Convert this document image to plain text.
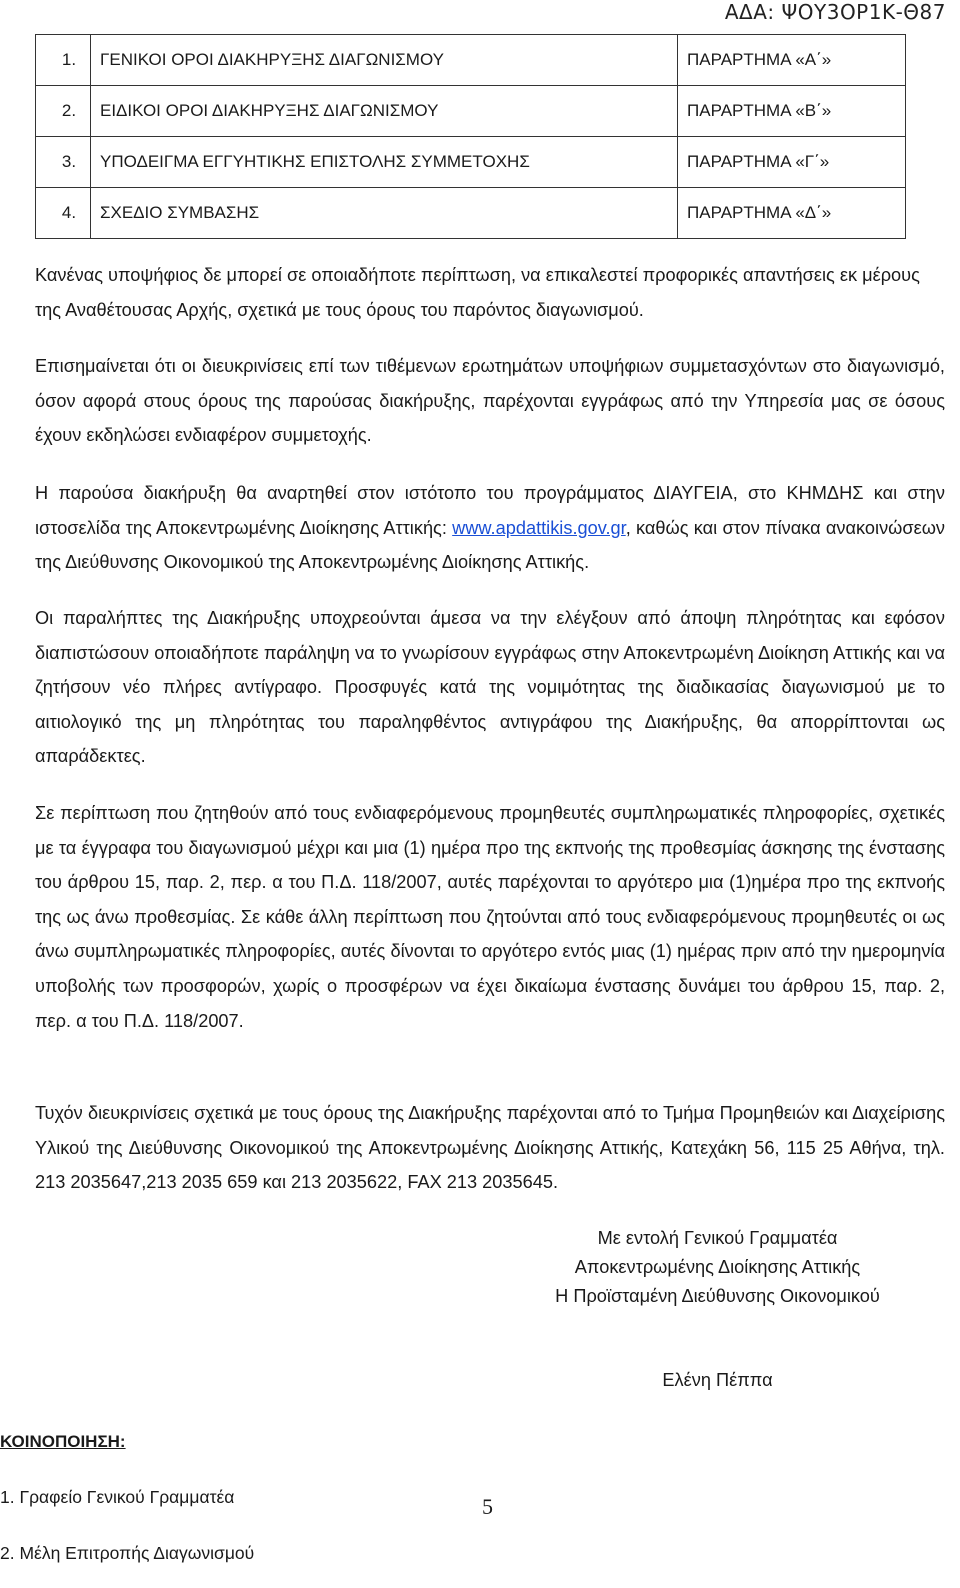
ΑΔΑ: ΨΟΥ3ΟΡ1Κ-Θ87
1.	ΓΕΝΙΚΟΙ ΟΡΟΙ ΔΙΑΚΗΡΥΞΗΣ ΔΙΑΓΩΝΙΣΜΟΥ	ΠΑΡΑΡΤΗΜΑ «Α΄»
2.	ΕΙΔΙΚΟΙ ΟΡΟΙ ΔΙΑΚΗΡΥΞΗΣ ΔΙΑΓΩΝΙΣΜΟΥ	ΠΑΡΑΡΤΗΜΑ «Β΄»
3.	ΥΠΟΔΕΙΓΜΑ ΕΓΓΥΗΤΙΚΗΣ ΕΠΙΣΤΟΛΗΣ ΣΥΜΜΕΤΟΧΗΣ	ΠΑΡΑΡΤΗΜΑ «Γ΄»
4.	ΣΧΕΔΙΟ ΣΥΜΒΑΣΗΣ	ΠΑΡΑΡΤΗΜΑ «Δ΄»

Κανένας υποψήφιος δε μπορεί σε οποιαδήποτε περίπτωση, να επικαλεστεί προφορικές απαντήσεις εκ μέρους της Αναθέτουσας Αρχής, σχετικά με τους όρους του παρόντος διαγωνισμού.

Επισημαίνεται ότι οι διευκρινίσεις επί των τιθέμενων ερωτημάτων υποψήφιων συμμετασχόντων στο διαγωνισμό, όσον αφορά στους όρους της παρούσας διακήρυξης, παρέχονται εγγράφως από την Υπηρεσία μας σε όσους έχουν εκδηλώσει ενδιαφέρον συμμετοχής.

Η παρούσα διακήρυξη θα αναρτηθεί στον ιστότοπο του προγράμματος ΔΙΑΥΓΕΙΑ, στο ΚΗΜΔΗΣ και στην ιστοσελίδα της Αποκεντρωμένης Διοίκησης Αττικής: www.apdattikis.gov.gr, καθώς και στον πίνακα ανακοινώσεων της Διεύθυνσης Οικονομικού της Αποκεντρωμένης Διοίκησης Αττικής.

Οι παραλήπτες της Διακήρυξης υποχρεούνται άμεσα να την ελέγξουν από άποψη πληρότητας και εφόσον διαπιστώσουν οποιαδήποτε παράληψη να το γνωρίσουν εγγράφως στην Αποκεντρωμένη Διοίκηση Αττικής και να ζητήσουν νέο πλήρες αντίγραφο. Προσφυγές κατά της νομιμότητας της διαδικασίας διαγωνισμού με το αιτιολογικό της μη πληρότητας του παραληφθέντος αντιγράφου της Διακήρυξης, θα απορρίπτονται ως απαράδεκτες.

Σε περίπτωση που ζητηθούν από τους ενδιαφερόμενους προμηθευτές συμπληρωματικές πληροφορίες, σχετικές με τα έγγραφα του διαγωνισμού μέχρι και μια (1) ημέρα προ της εκπνοής της προθεσμίας άσκησης της ένστασης του άρθρου 15, παρ. 2, περ. α του Π.Δ. 118/2007, αυτές παρέχονται το αργότερο μια (1)ημέρα προ της εκπνοής της ως άνω προθεσμίας. Σε κάθε άλλη περίπτωση που ζητούνται από τους ενδιαφερόμενους προμηθευτές οι ως άνω συμπληρωματικές πληροφορίες, αυτές δίνονται το αργότερο εντός μιας (1) ημέρας πριν από την ημερομηνία υποβολής των προσφορών, χωρίς ο προσφέρων να έχει δικαίωμα ένστασης δυνάμει του άρθρου 15, παρ. 2, περ. α του Π.Δ. 118/2007.

Τυχόν διευκρινίσεις σχετικά με τους όρους της Διακήρυξης παρέχονται από το Τμήμα Προμηθειών και Διαχείρισης Υλικού της Διεύθυνσης Οικονομικού της Αποκεντρωμένης Διοίκησης Αττικής, Κατεχάκη 56, 115 25 Αθήνα, τηλ. 213 2035647,213 2035 659 και 213 2035622, FAX 213 2035645.

Με εντολή Γενικού Γραμματέα
Αποκεντρωμένης Διοίκησης Αττικής
Η Προϊσταμένη Διεύθυνσης Οικονομικού
Ελένη Πέππα
ΚΟΙΝΟΠΟΙΗΣΗ:
1. Γραφείο Γενικού Γραμματέα
2. Μέλη Επιτροπής Διαγωνισμού
5
